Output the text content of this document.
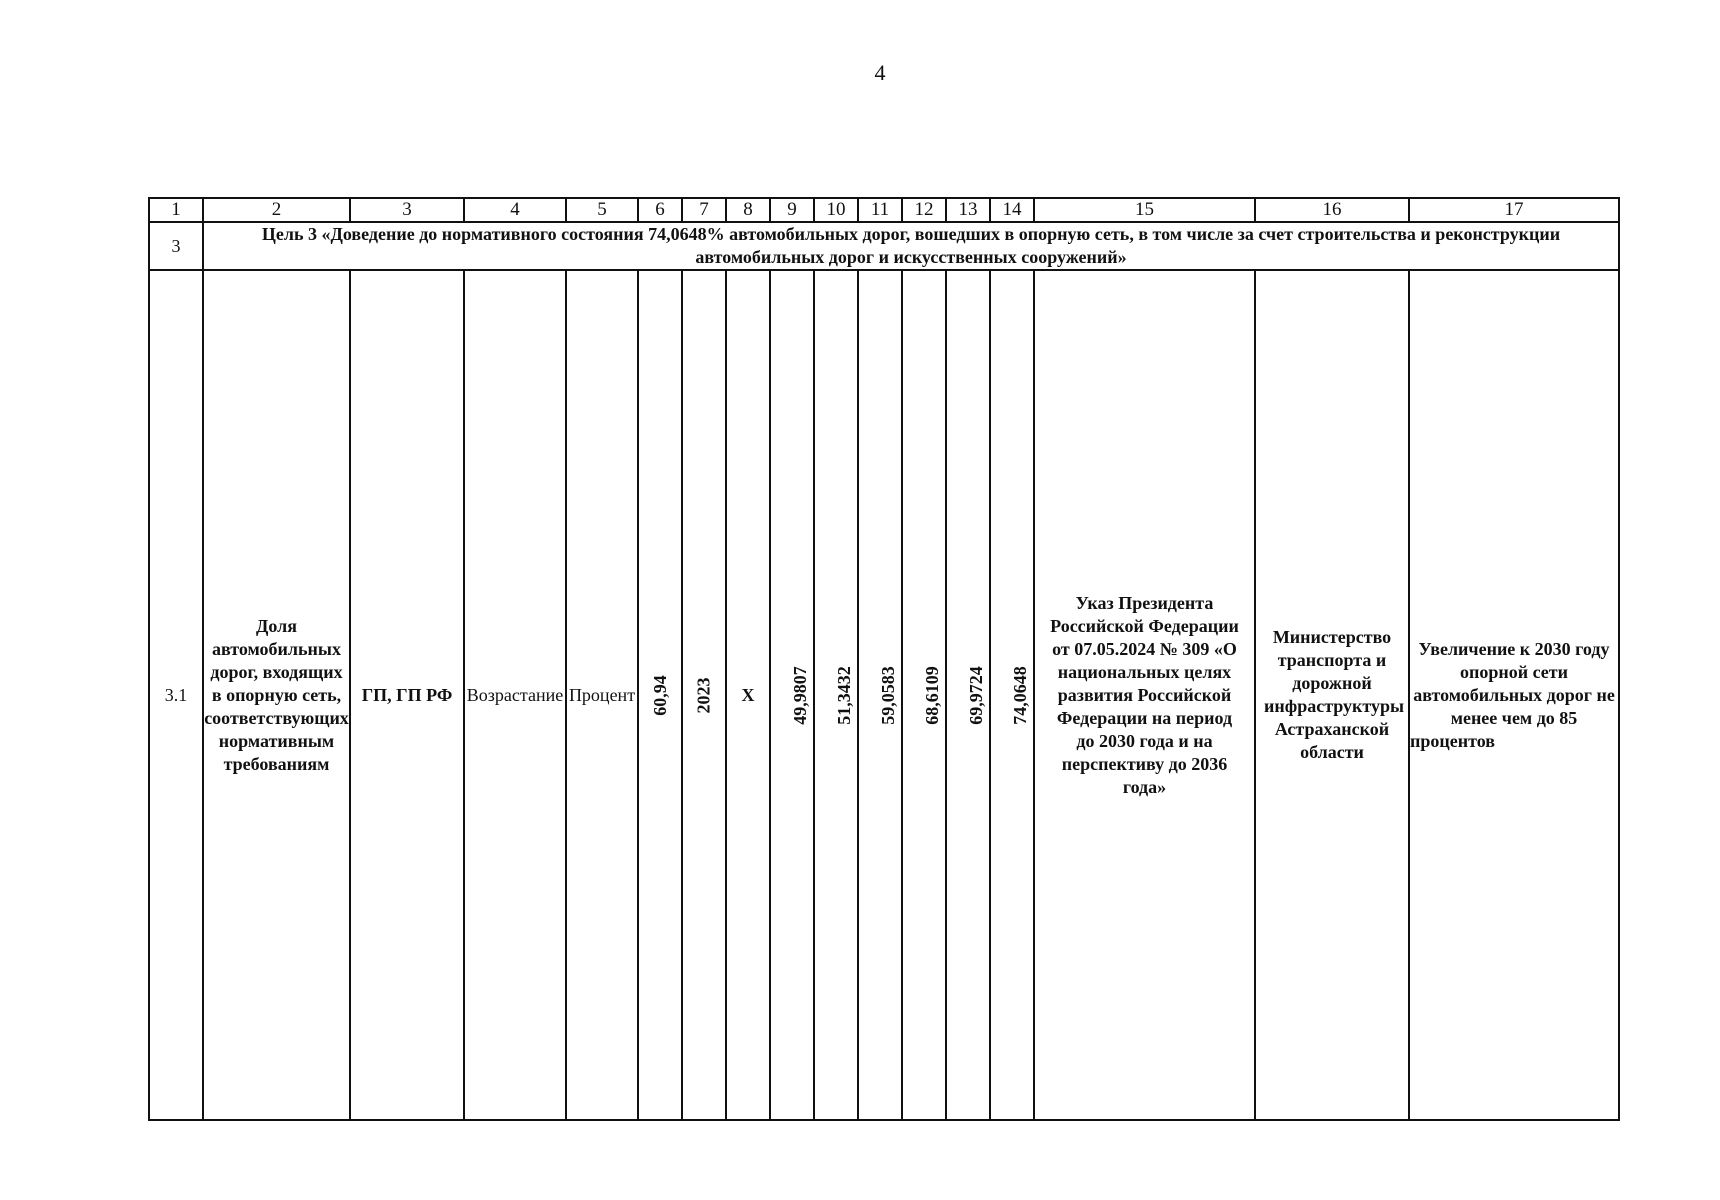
4
1	2	3	4	5	6	7	8	9	10	11	12	13	14	15	16	17
3	Цель 3 «Доведение до нормативного состояния 74,0648% автомобильных дорог, вошедших в опорную сеть, в том числе за счет строительства и реконструкции автомобильных дорог и искусственных сооружений»															
3.1	Доля автомобильных дорог, входящих в опорную сеть, соответствующих нормативным требованиям	ГП, ГП РФ	Возрастание	Процент	60,94	2023	Х	49,9807	51,3432	59,0583	68,6109	69,9724	74,0648	Указ Президента Российской Федерации от 07.05.2024 № 309 «О национальных целях развития Российской Федерации на период до 2030 года и на перспективу до 2036 года»	Министерство транспорта и дорожной инфраструктуры Астраханской области	Увеличение к 2030 году опорной сети автомобильных дорог не менее чем до 85 процентов
